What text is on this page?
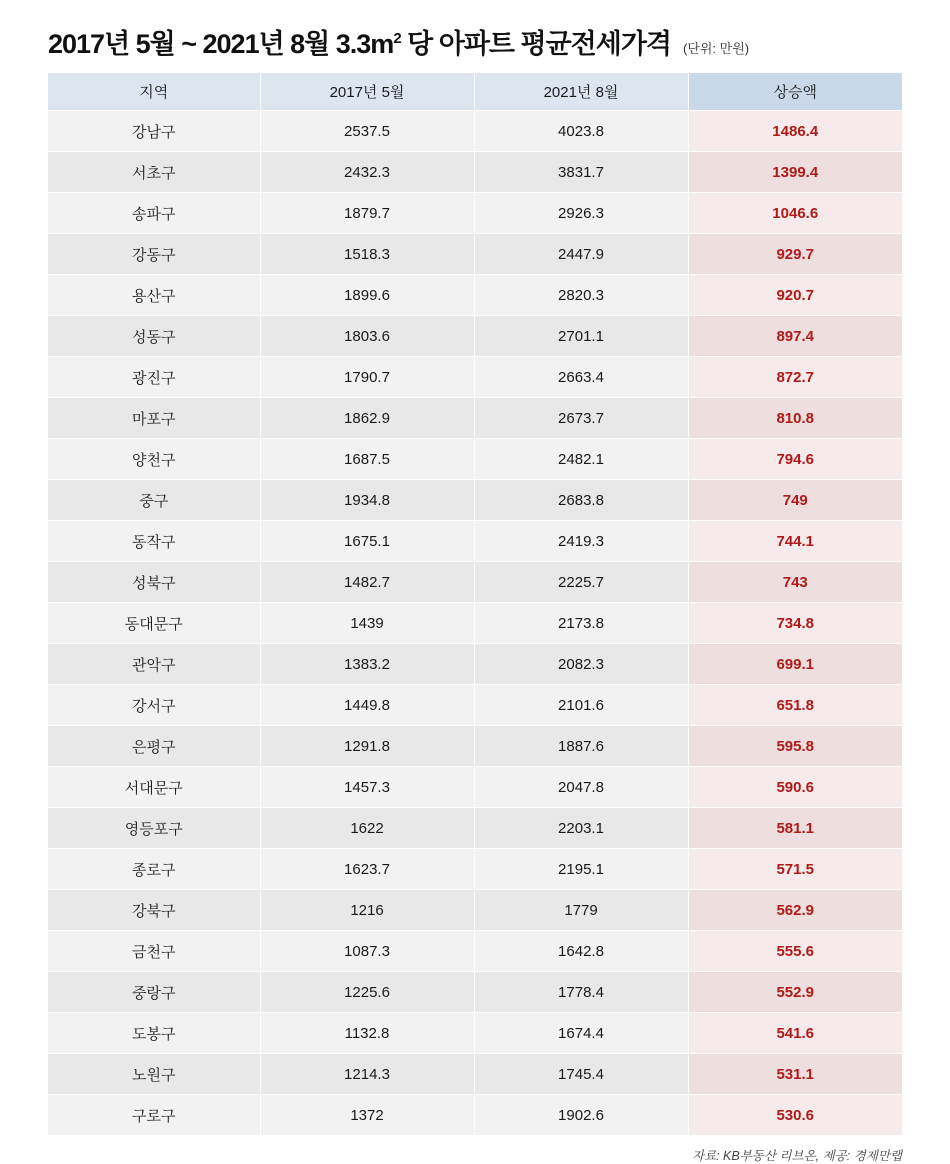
2017년 5월 ~ 2021년 8월 $3.3m^2$ 당 아파트 평균전세가격 (단위: 만원)
지역	2017년 5월	2021년 8월	상승액
강남구	2537.5	4023.8	1486.4
서초구	2432.3	3831.7	1399.4
송파구	1879.7	2926.3	1046.6
강동구	1518.3	2447.9	929.7
용산구	1899.6	2820.3	920.7
성동구	1803.6	2701.1	897.4
광진구	1790.7	2663.4	872.7
마포구	1862.9	2673.7	810.8
양천구	1687.5	2482.1	794.6
중구	1934.8	2683.8	749
동작구	1675.1	2419.3	744.1
성북구	1482.7	2225.7	743
동대문구	1439	2173.8	734.8
관악구	1383.2	2082.3	699.1
강서구	1449.8	2101.6	651.8
은평구	1291.8	1887.6	595.8
서대문구	1457.3	2047.8	590.6
영등포구	1622	2203.1	581.1
종로구	1623.7	2195.1	571.5
강북구	1216	1779	562.9
금천구	1087.3	1642.8	555.6
중랑구	1225.6	1778.4	552.9
도봉구	1132.8	1674.4	541.6
노원구	1214.3	1745.4	531.1
구로구	1372	1902.6	530.6
자료: KB부동산 리브온, 제공: 경제만랩
